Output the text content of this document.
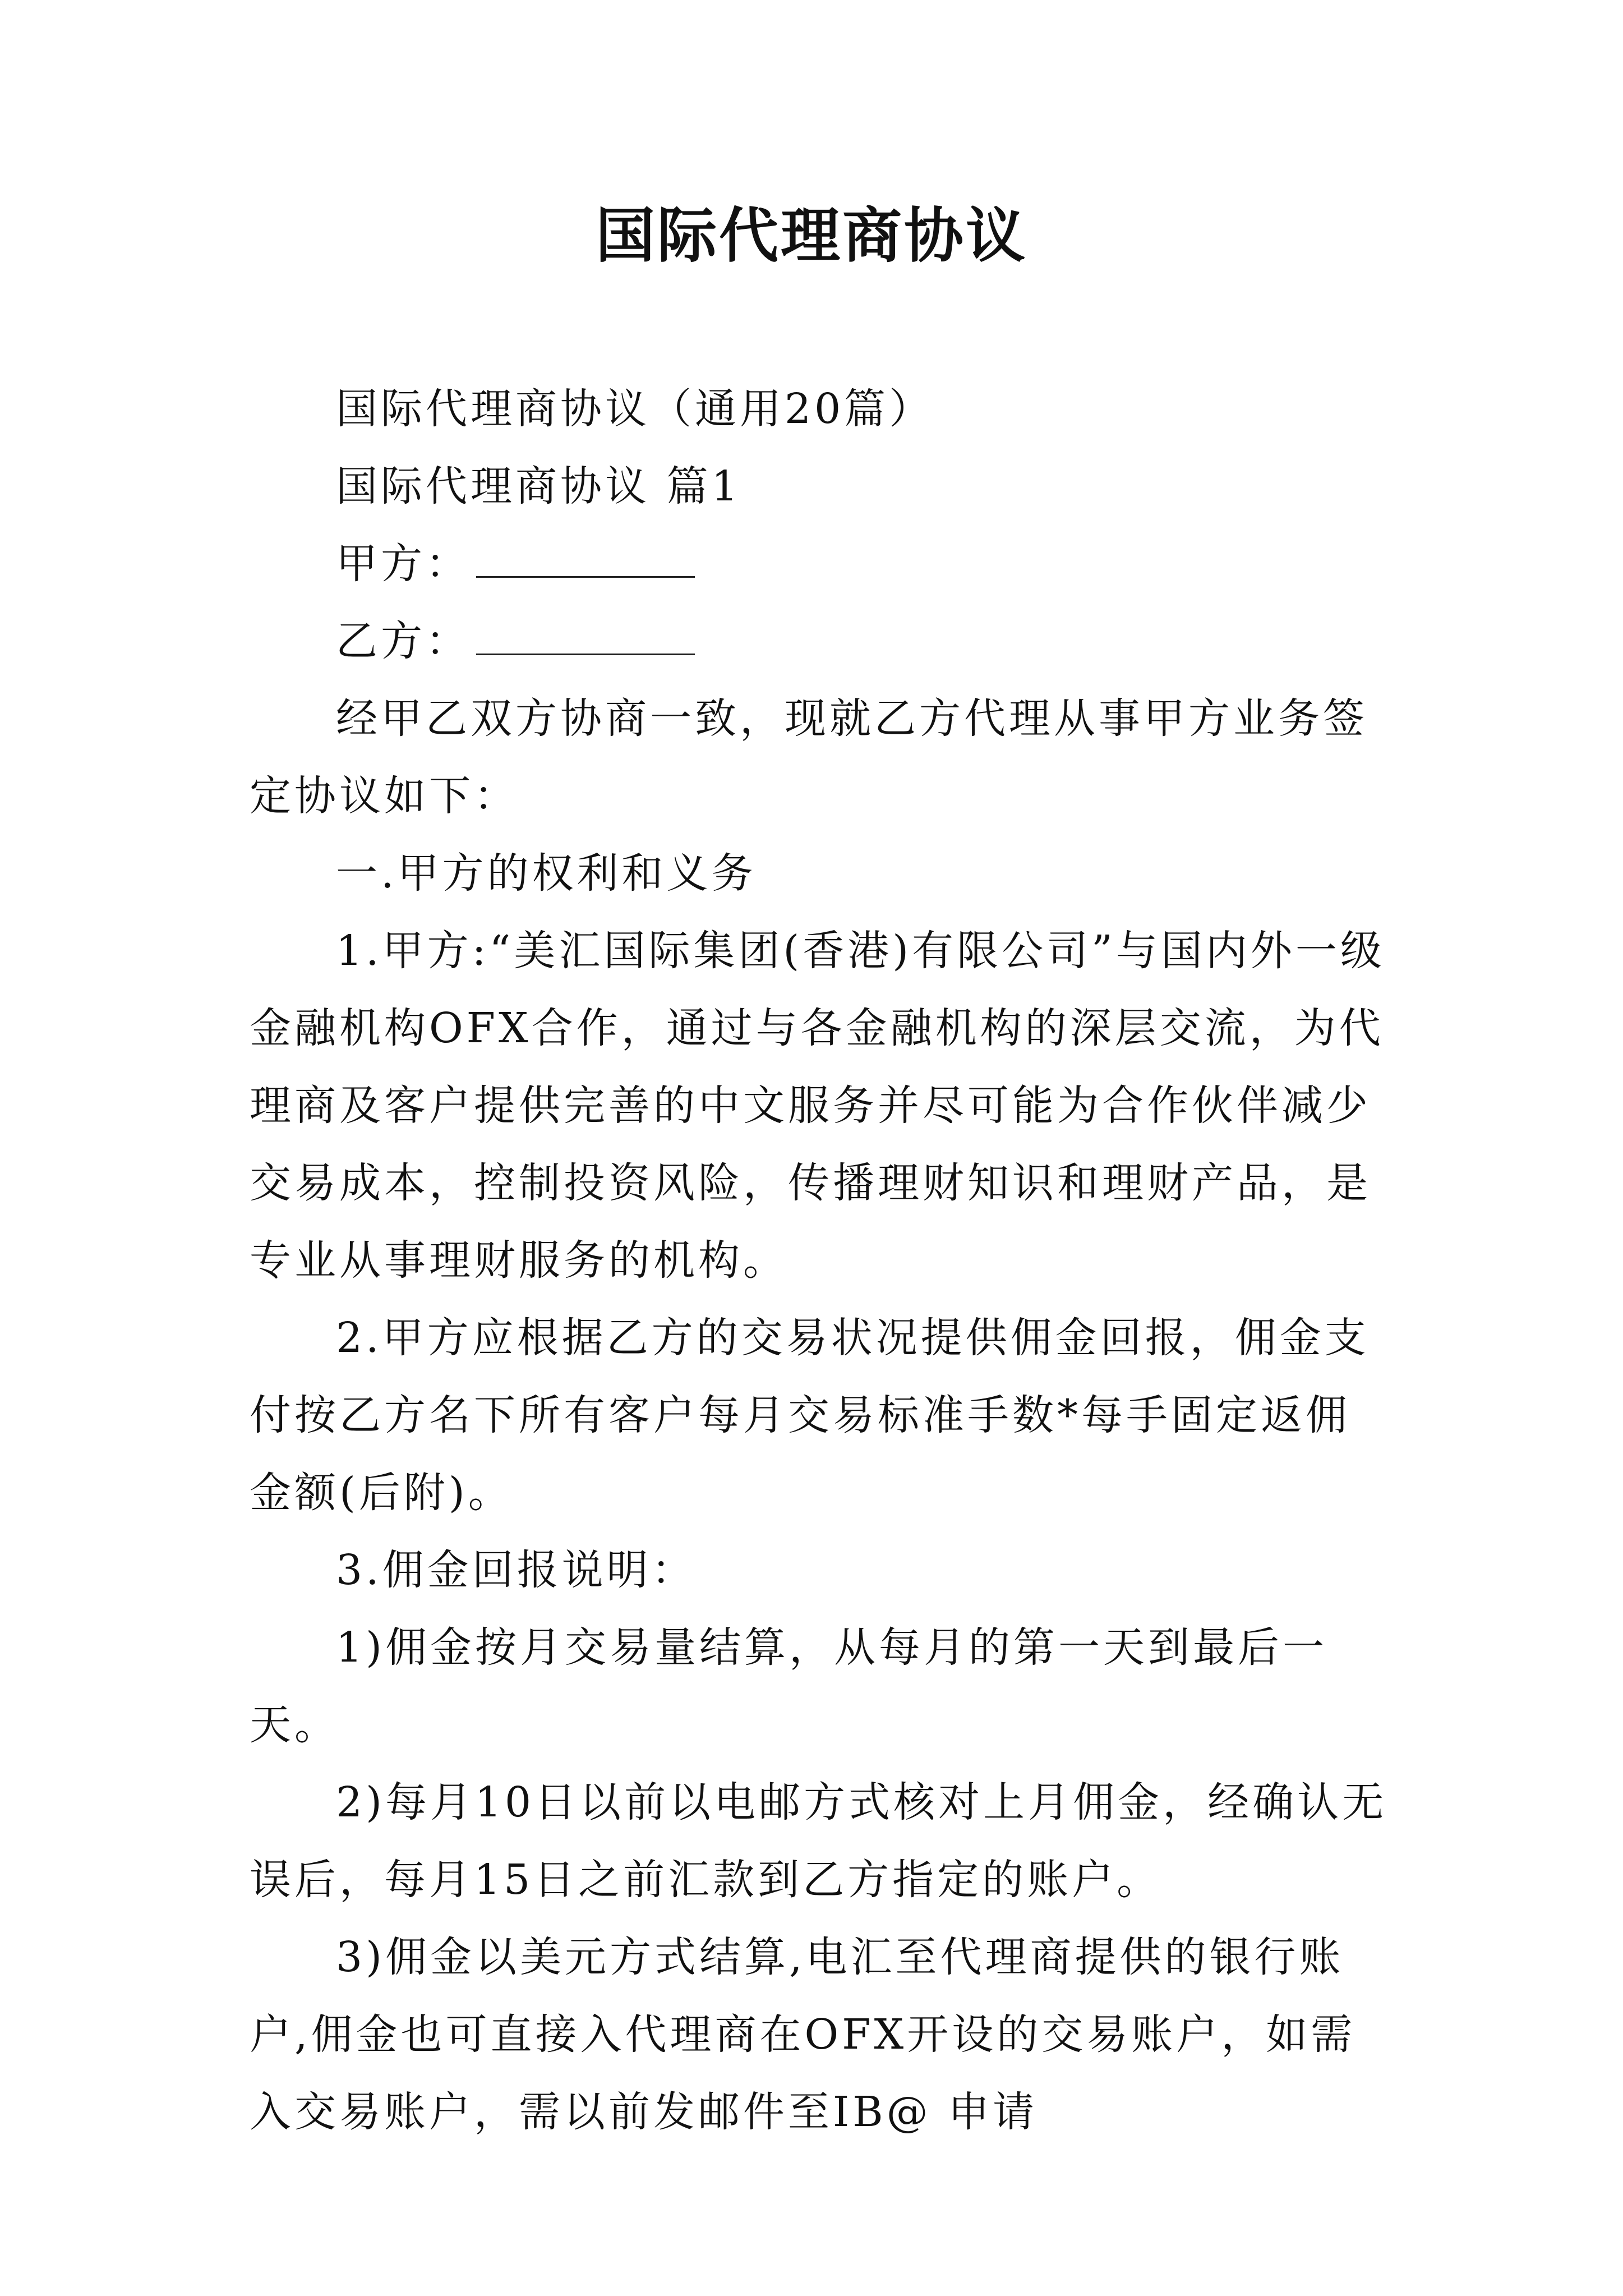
国际代理商协议

国际代理商协议（通用20篇）

国际代理商协议 篇1

甲方：

乙方：

经甲乙双方协商一致，现就乙方代理从事甲方业务签定协议如下：

一.甲方的权利和义务

1.甲方:“美汇国际集团(香港)有限公司”与国内外一级金融机构OFX合作，通过与各金融机构的深层交流，为代理商及客户提供完善的中文服务并尽可能为合作伙伴减少交易成本，控制投资风险，传播理财知识和理财产品，是专业从事理财服务的机构。

2.甲方应根据乙方的交易状况提供佣金回报，佣金支付按乙方名下所有客户每月交易标准手数*每手固定返佣金额(后附)。

3.佣金回报说明：

1)佣金按月交易量结算，从每月的第一天到最后一天。

2)每月10日以前以电邮方式核对上月佣金，经确认无误后，每月15日之前汇款到乙方指定的账户。

3)佣金以美元方式结算,电汇至代理商提供的银行账户,佣金也可直接入代理商在OFX开设的交易账户，如需入交易账户，需以前发邮件至IB@ 申请
